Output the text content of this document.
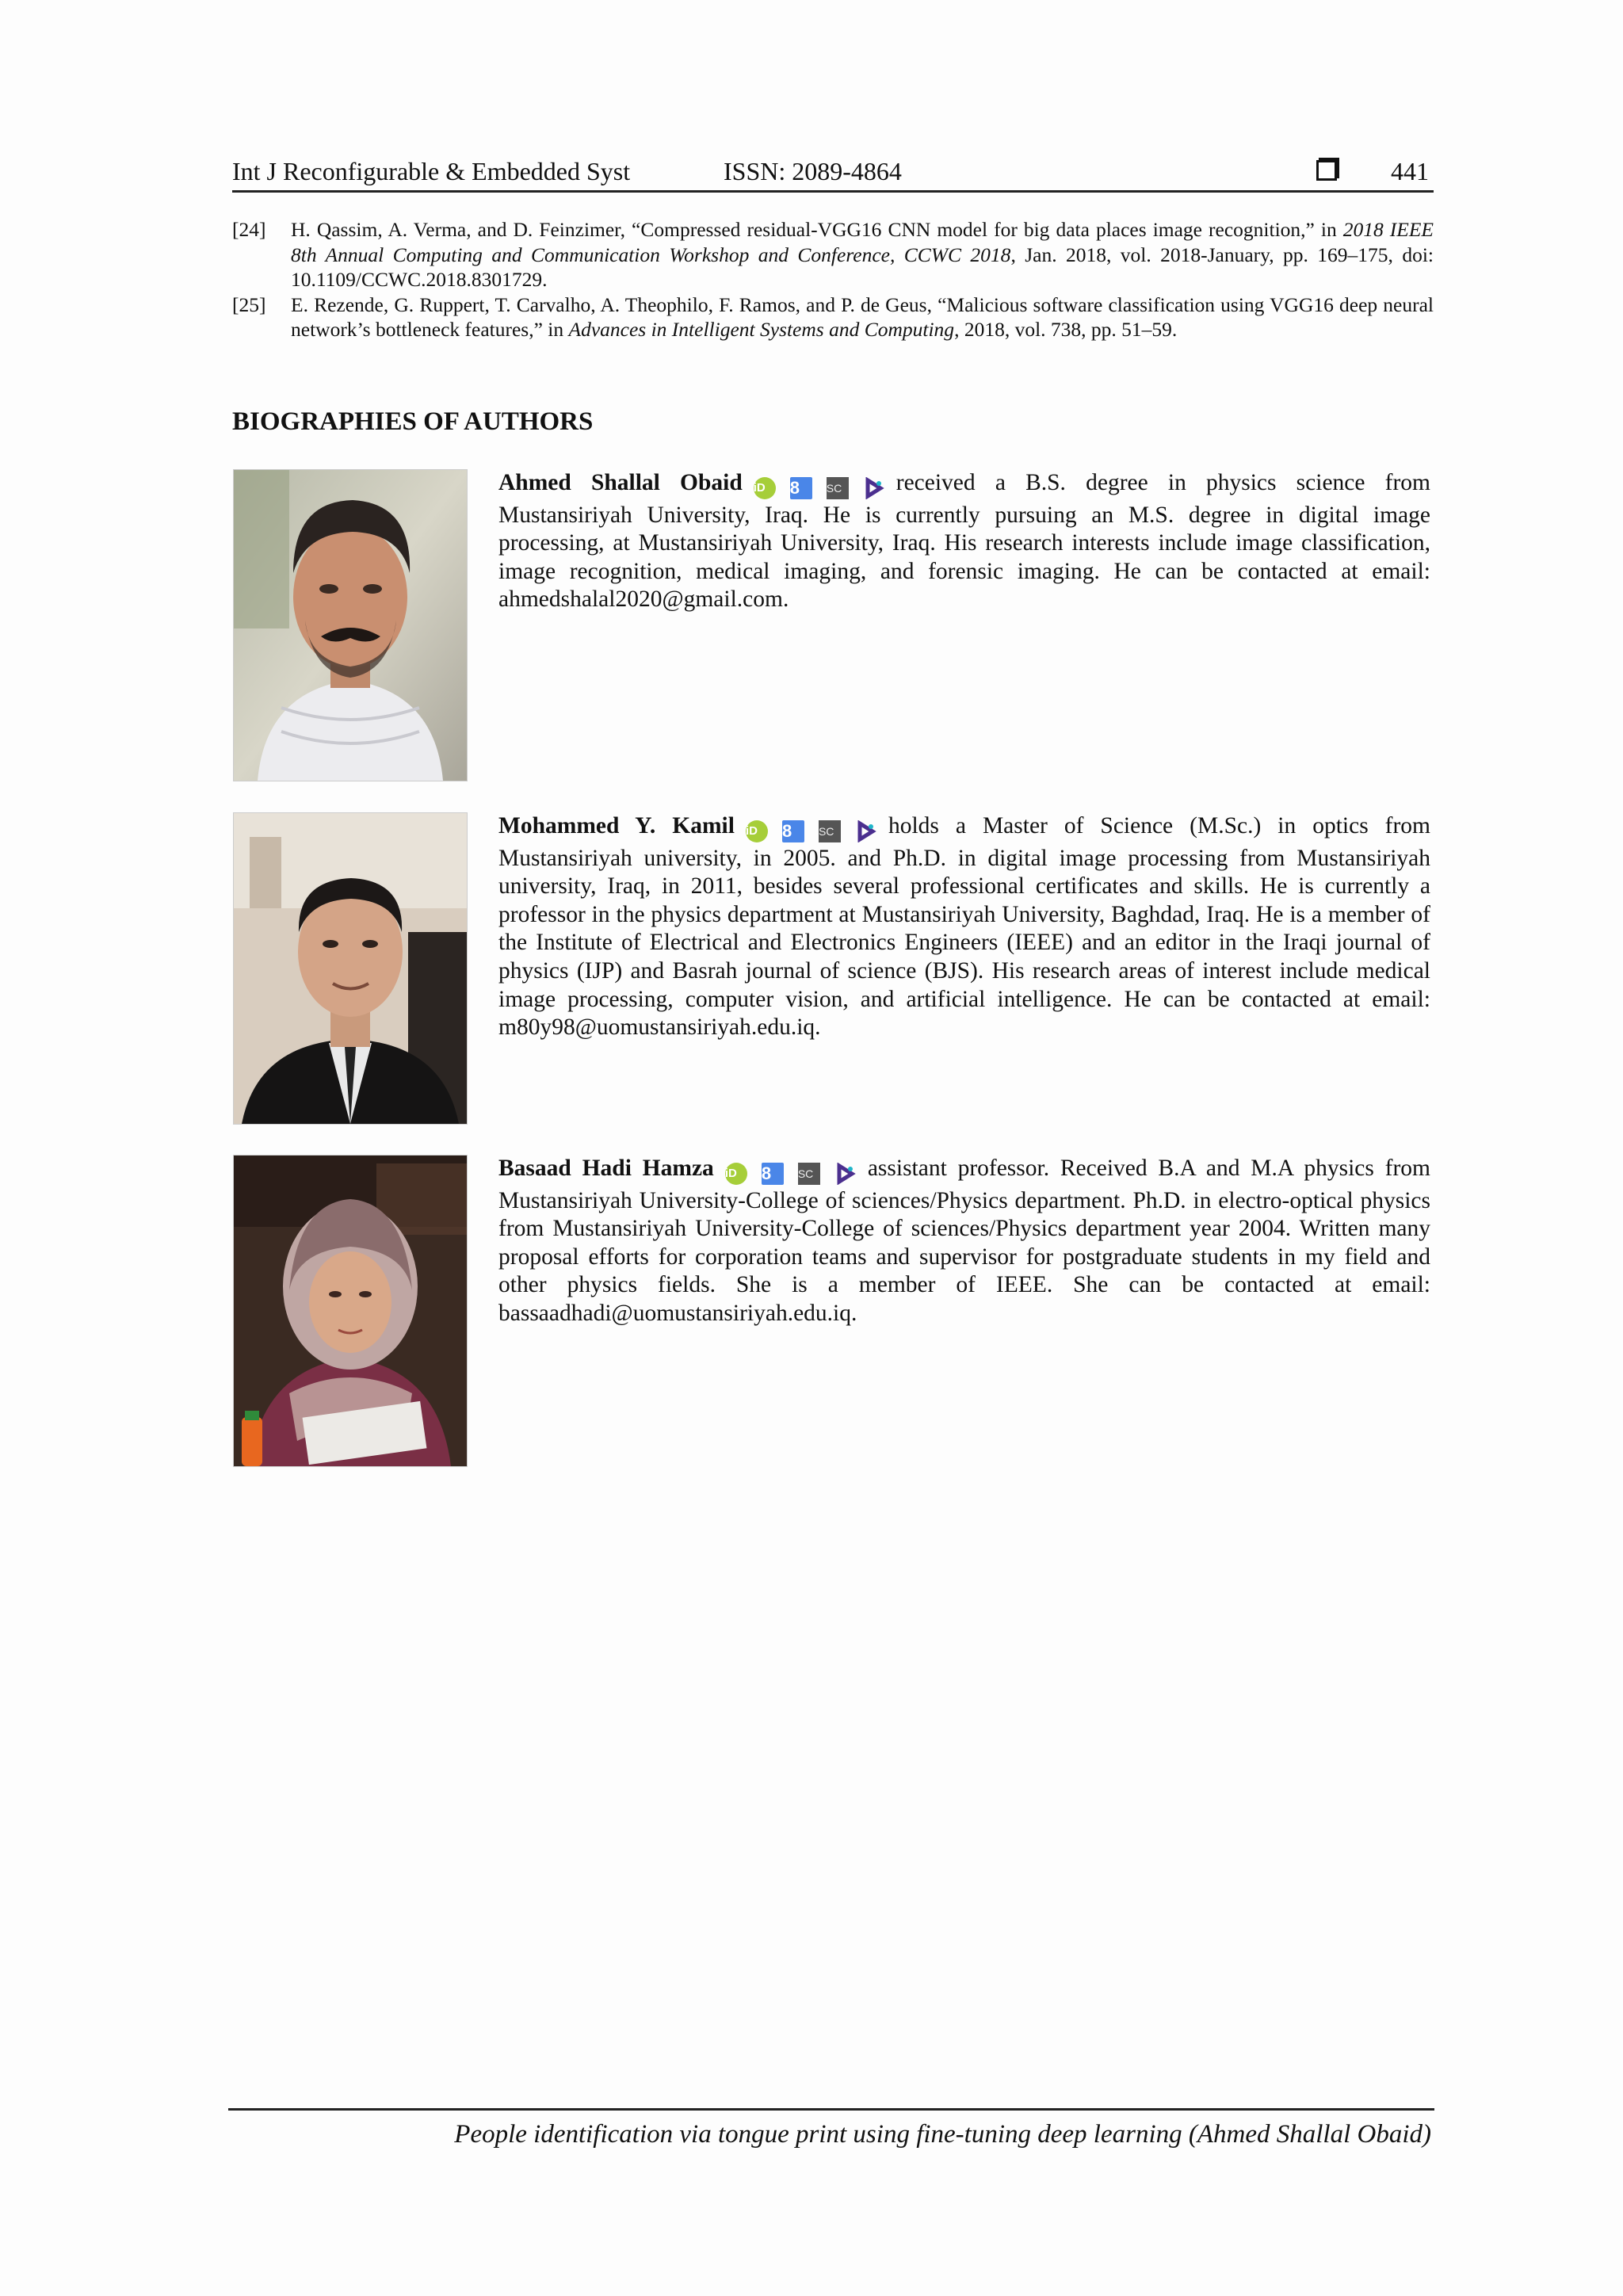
Int J Reconfigurable & Embedded Syst	ISSN: 2089-4864	441
[24] H. Qassim, A. Verma, and D. Feinzimer, “Compressed residual-VGG16 CNN model for big data places image recognition,” in 2018 IEEE 8th Annual Computing and Communication Workshop and Conference, CCWC 2018, Jan. 2018, vol. 2018-January, pp. 169–175, doi: 10.1109/CCWC.2018.8301729.
[25] E. Rezende, G. Ruppert, T. Carvalho, A. Theophilo, F. Ramos, and P. de Geus, “Malicious software classification using VGG16 deep neural network’s bottleneck features,” in Advances in Intelligent Systems and Computing, 2018, vol. 738, pp. 51–59.
BIOGRAPHIES OF AUTHORS
Ahmed Shallal Obaid iD 8 SC received a B.S. degree in physics science from Mustansiriyah University, Iraq. He is currently pursuing an M.S. degree in digital image processing, at Mustansiriyah University, Iraq. His research interests include image classification, image recognition, medical imaging, and forensic imaging. He can be contacted at email: ahmedshalal2020@gmail.com.
Mohammed Y. Kamil iD 8 SC holds a Master of Science (M.Sc.) in optics from Mustansiriyah university, in 2005. and Ph.D. in digital image processing from Mustansiriyah university, Iraq, in 2011, besides several professional certificates and skills. He is currently a professor in the physics department at Mustansiriyah University, Baghdad, Iraq. He is a member of the Institute of Electrical and Electronics Engineers (IEEE) and an editor in the Iraqi journal of physics (IJP) and Basrah journal of science (BJS). His research areas of interest include medical image processing, computer vision, and artificial intelligence. He can be contacted at email: m80y98@uomustansiriyah.edu.iq.
Basaad Hadi Hamza iD 8 SC assistant professor. Received B.A and M.A physics from Mustansiriyah University-College of sciences/Physics department. Ph.D. in electro-optical physics from Mustansiriyah University-College of sciences/Physics department year 2004. Written many proposal efforts for corporation teams and supervisor for postgraduate students in my field and other physics fields. She is a member of IEEE. She can be contacted at email: bassaadhadi@uomustansiriyah.edu.iq.
People identification via tongue print using fine-tuning deep learning (Ahmed Shallal Obaid)
